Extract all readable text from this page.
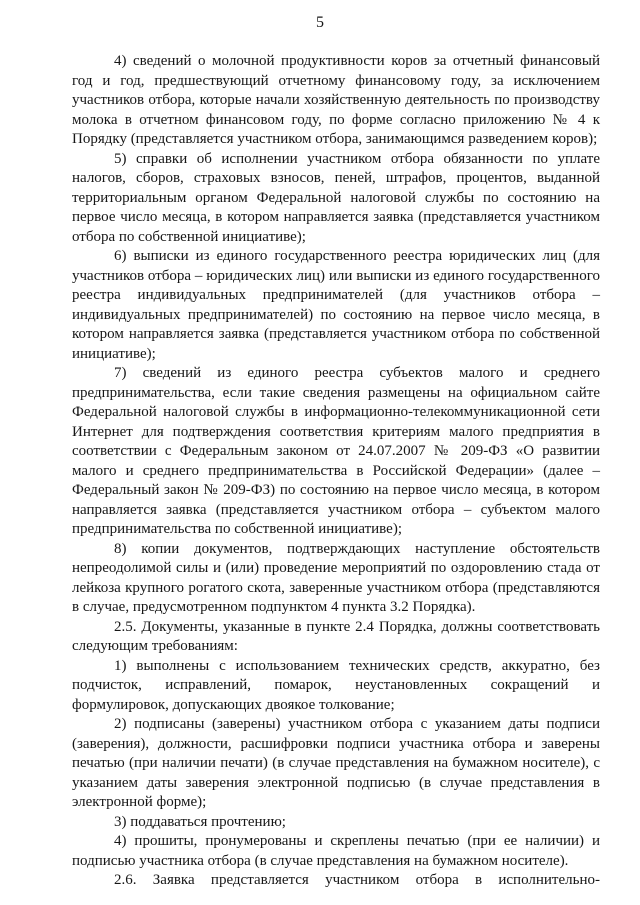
5

4) сведений о молочной продуктивности коров за отчетный финансовый год и год, предшествующий отчетному финансовому году, за исключением участников отбора, которые начали хозяйственную деятельность по производству молока в отчетном финансовом году, по форме согласно приложению № 4 к Порядку (представляется участником отбора, занимающимся разведением коров);

5) справки об исполнении участником отбора обязанности по уплате налогов, сборов, страховых взносов, пеней, штрафов, процентов, выданной территориальным органом Федеральной налоговой службы по состоянию на первое число месяца, в котором направляется заявка (представляется участником отбора по собственной инициативе);

6) выписки из единого государственного реестра юридических лиц (для участников отбора – юридических лиц) или выписки из единого государственного реестра индивидуальных предпринимателей (для участников отбора – индивидуальных предпринимателей) по состоянию на первое число месяца, в котором направляется заявка (представляется участником отбора по собственной инициативе);

7) сведений из единого реестра субъектов малого и среднего предпринимательства, если такие сведения размещены на официальном сайте Федеральной налоговой службы в информационно-телекоммуникационной сети Интернет для подтверждения соответствия критериям малого предприятия в соответствии с Федеральным законом от 24.07.2007 № 209-ФЗ «О развитии малого и среднего предпринимательства в Российской Федерации» (далее – Федеральный закон № 209-ФЗ) по состоянию на первое число месяца, в котором направляется заявка (представляется участником отбора – субъектом малого предпринимательства по собственной инициативе);

8) копии документов, подтверждающих наступление обстоятельств непреодолимой силы и (или) проведение мероприятий по оздоровлению стада от лейкоза крупного рогатого скота, заверенные участником отбора (представляются в случае, предусмотренном подпунктом 4 пункта 3.2 Порядка).

2.5. Документы, указанные в пункте 2.4 Порядка, должны соответствовать следующим требованиям:

1) выполнены с использованием технических средств, аккуратно, без подчисток, исправлений, помарок, неустановленных сокращений и формулировок, допускающих двоякое толкование;

2) подписаны (заверены) участником отбора с указанием даты подписи (заверения), должности, расшифровки подписи участника отбора и заверены печатью (при наличии печати) (в случае представления на бумажном носителе), с указанием даты заверения электронной подписью (в случае представления в электронной форме);

3) поддаваться прочтению;

4) прошиты, пронумерованы и скреплены печатью (при ее наличии) и подписью участника отбора (в случае представления на бумажном носителе).

2.6. Заявка представляется участником отбора в исполнительно-
